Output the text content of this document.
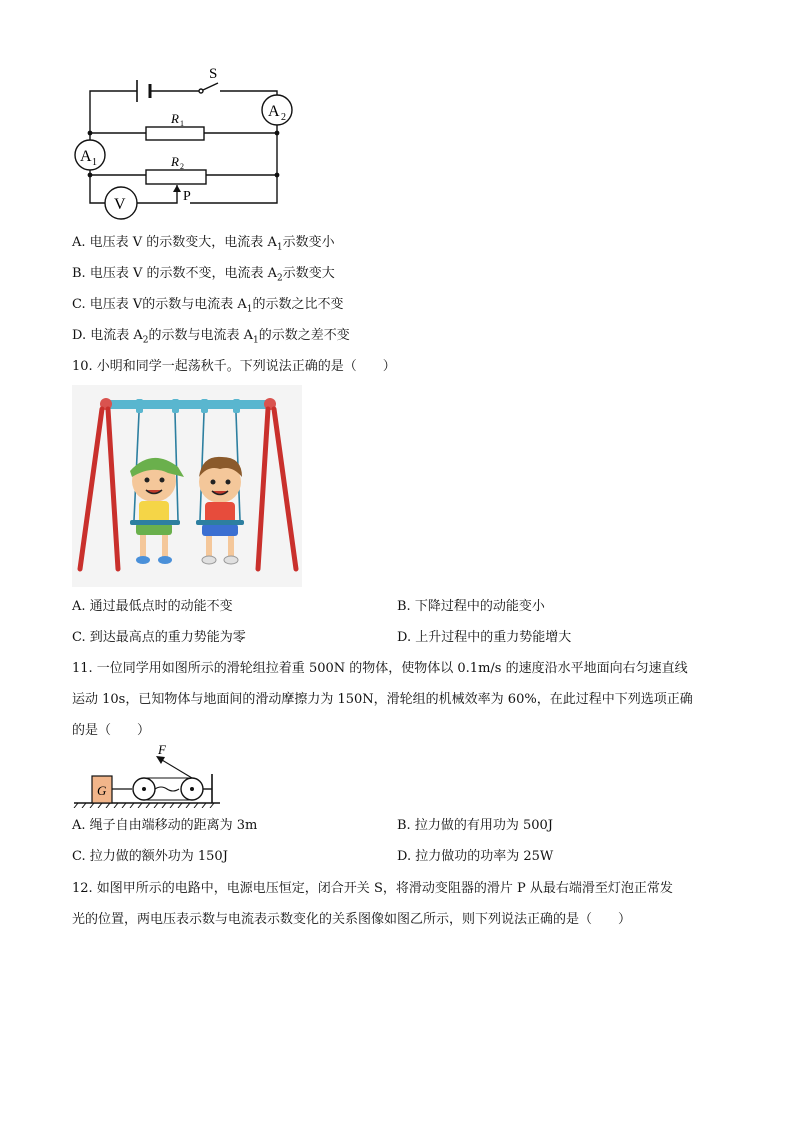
S
A 2
A 1
V
R 1
R 2
P
A. 电压表 V 的示数变大，电流表 $A_1$示数变小
B. 电压表 V 的示数不变，电流表 $A_2$示数变大
C. 电压表 V的示数与电流表 $A_1$的示数之比不变
D. 电流表 $A_2$的示数与电流表 $A_1$的示数之差不变
10. 小明和同学一起荡秋千。下列说法正确的是（　　）
A. 通过最低点时的动能不变	B. 下降过程中的动能变小
C. 到达最高点的重力势能为零	D. 上升过程中的重力势能增大
11. 一位同学用如图所示的滑轮组拉着重 500N 的物体，使物体以 0.1m/s 的速度沿水平地面向右匀速直线
运动 10s，已知物体与地面间的滑动摩擦力为 150N，滑轮组的机械效率为 60%，在此过程中下列选项正确
的是（　　）
G
F
A. 绳子自由端移动的距离为 3m	B. 拉力做的有用功为 500J
C. 拉力做的额外功为 150J	D. 拉力做功的功率为 25W
12. 如图甲所示的电路中，电源电压恒定，闭合开关 S，将滑动变阻器的滑片 P 从最右端滑至灯泡正常发
光的位置，两电压表示数与电流表示数变化的关系图像如图乙所示，则下列说法正确的是（　　）
